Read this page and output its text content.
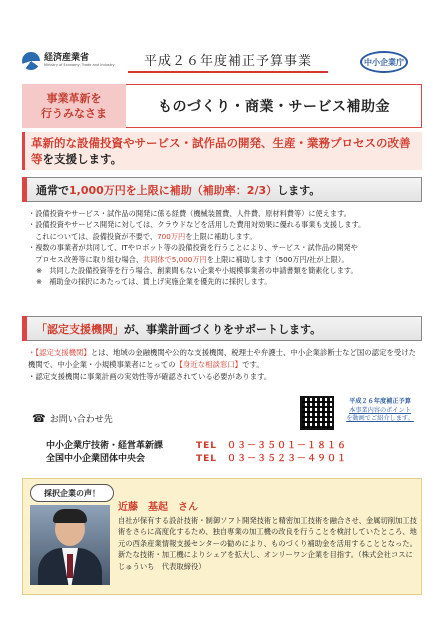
経済産業省
Ministry of Economy, Trade and Industry	平成２６年度補正予算事業	中小企業庁
事業革新を
行うみなさま	ものづくり・商業・サービス補助金
革新的な設備投資やサービス・試作品の開発、生産・業務プロセスの改善等を支援します。
通常で 1,000万円を上限に補助（補助率：2/3） します。
・設備投資やサービス・試作品の開発に係る経費（機械装置費、人件費、原材料費等）に使えます。
・設備投資やサービス開発に対しては、クラウドなどを活用した費用対効果に優れる事業も支援します。
　これについては、設備投資が不要で、700万円を上限に補助します。
・複数の事業者が共同して、ITやロボット等の設備投資を行うことにより、サービス・試作品の開発や
　プロセス改善等に取り組む場合、共同体で5,000万円を上限に補助します（500万円/社が上限）。
※　共同した設備投資等を行う場合、創業間もない企業や小規模事業者の申請書類を簡素化します。
※　補助金の採択にあたっては、賃上げ実施企業を優先的に採択します。
「認定支援機関」 が、事業計画づくりをサポートします。
・【認定支援機関】とは、地域の金融機関や公的な支援機関、税理士や弁護士、中小企業診断士など国の認定を受けた機関で、中小企業・小規模事業者にとっての【身近な相談窓口】です。
・認定支援機関に事業計画の実効性等が確認されている必要があります。
平成２６年度補正予算
本事業内容のポイント
を動画でご紹介します。
☎ お問い合わせ先
中小企業庁技術・経営革新課	TEL　０３－３５０１－１８１６
全国中小企業団体中央会	TEL　０３－３５２３－４９０１
採択企業の声！
近藤　基起　さん
自社が保有する設計技術・制御ソフト開発技術と精密加工技術を融合させ、金属切削加工技術をさらに高度化するため、独自専業の加工機の改良を行うことを検討していたところ、地元の西条産業情報支援センターの勧めにより、ものづくり補助金を活用することとなった。新たな技術・加工機によりシェアを拡大し、オンリーワン企業を目指す。（株式会社コスにじゅういち　代表取締役）
